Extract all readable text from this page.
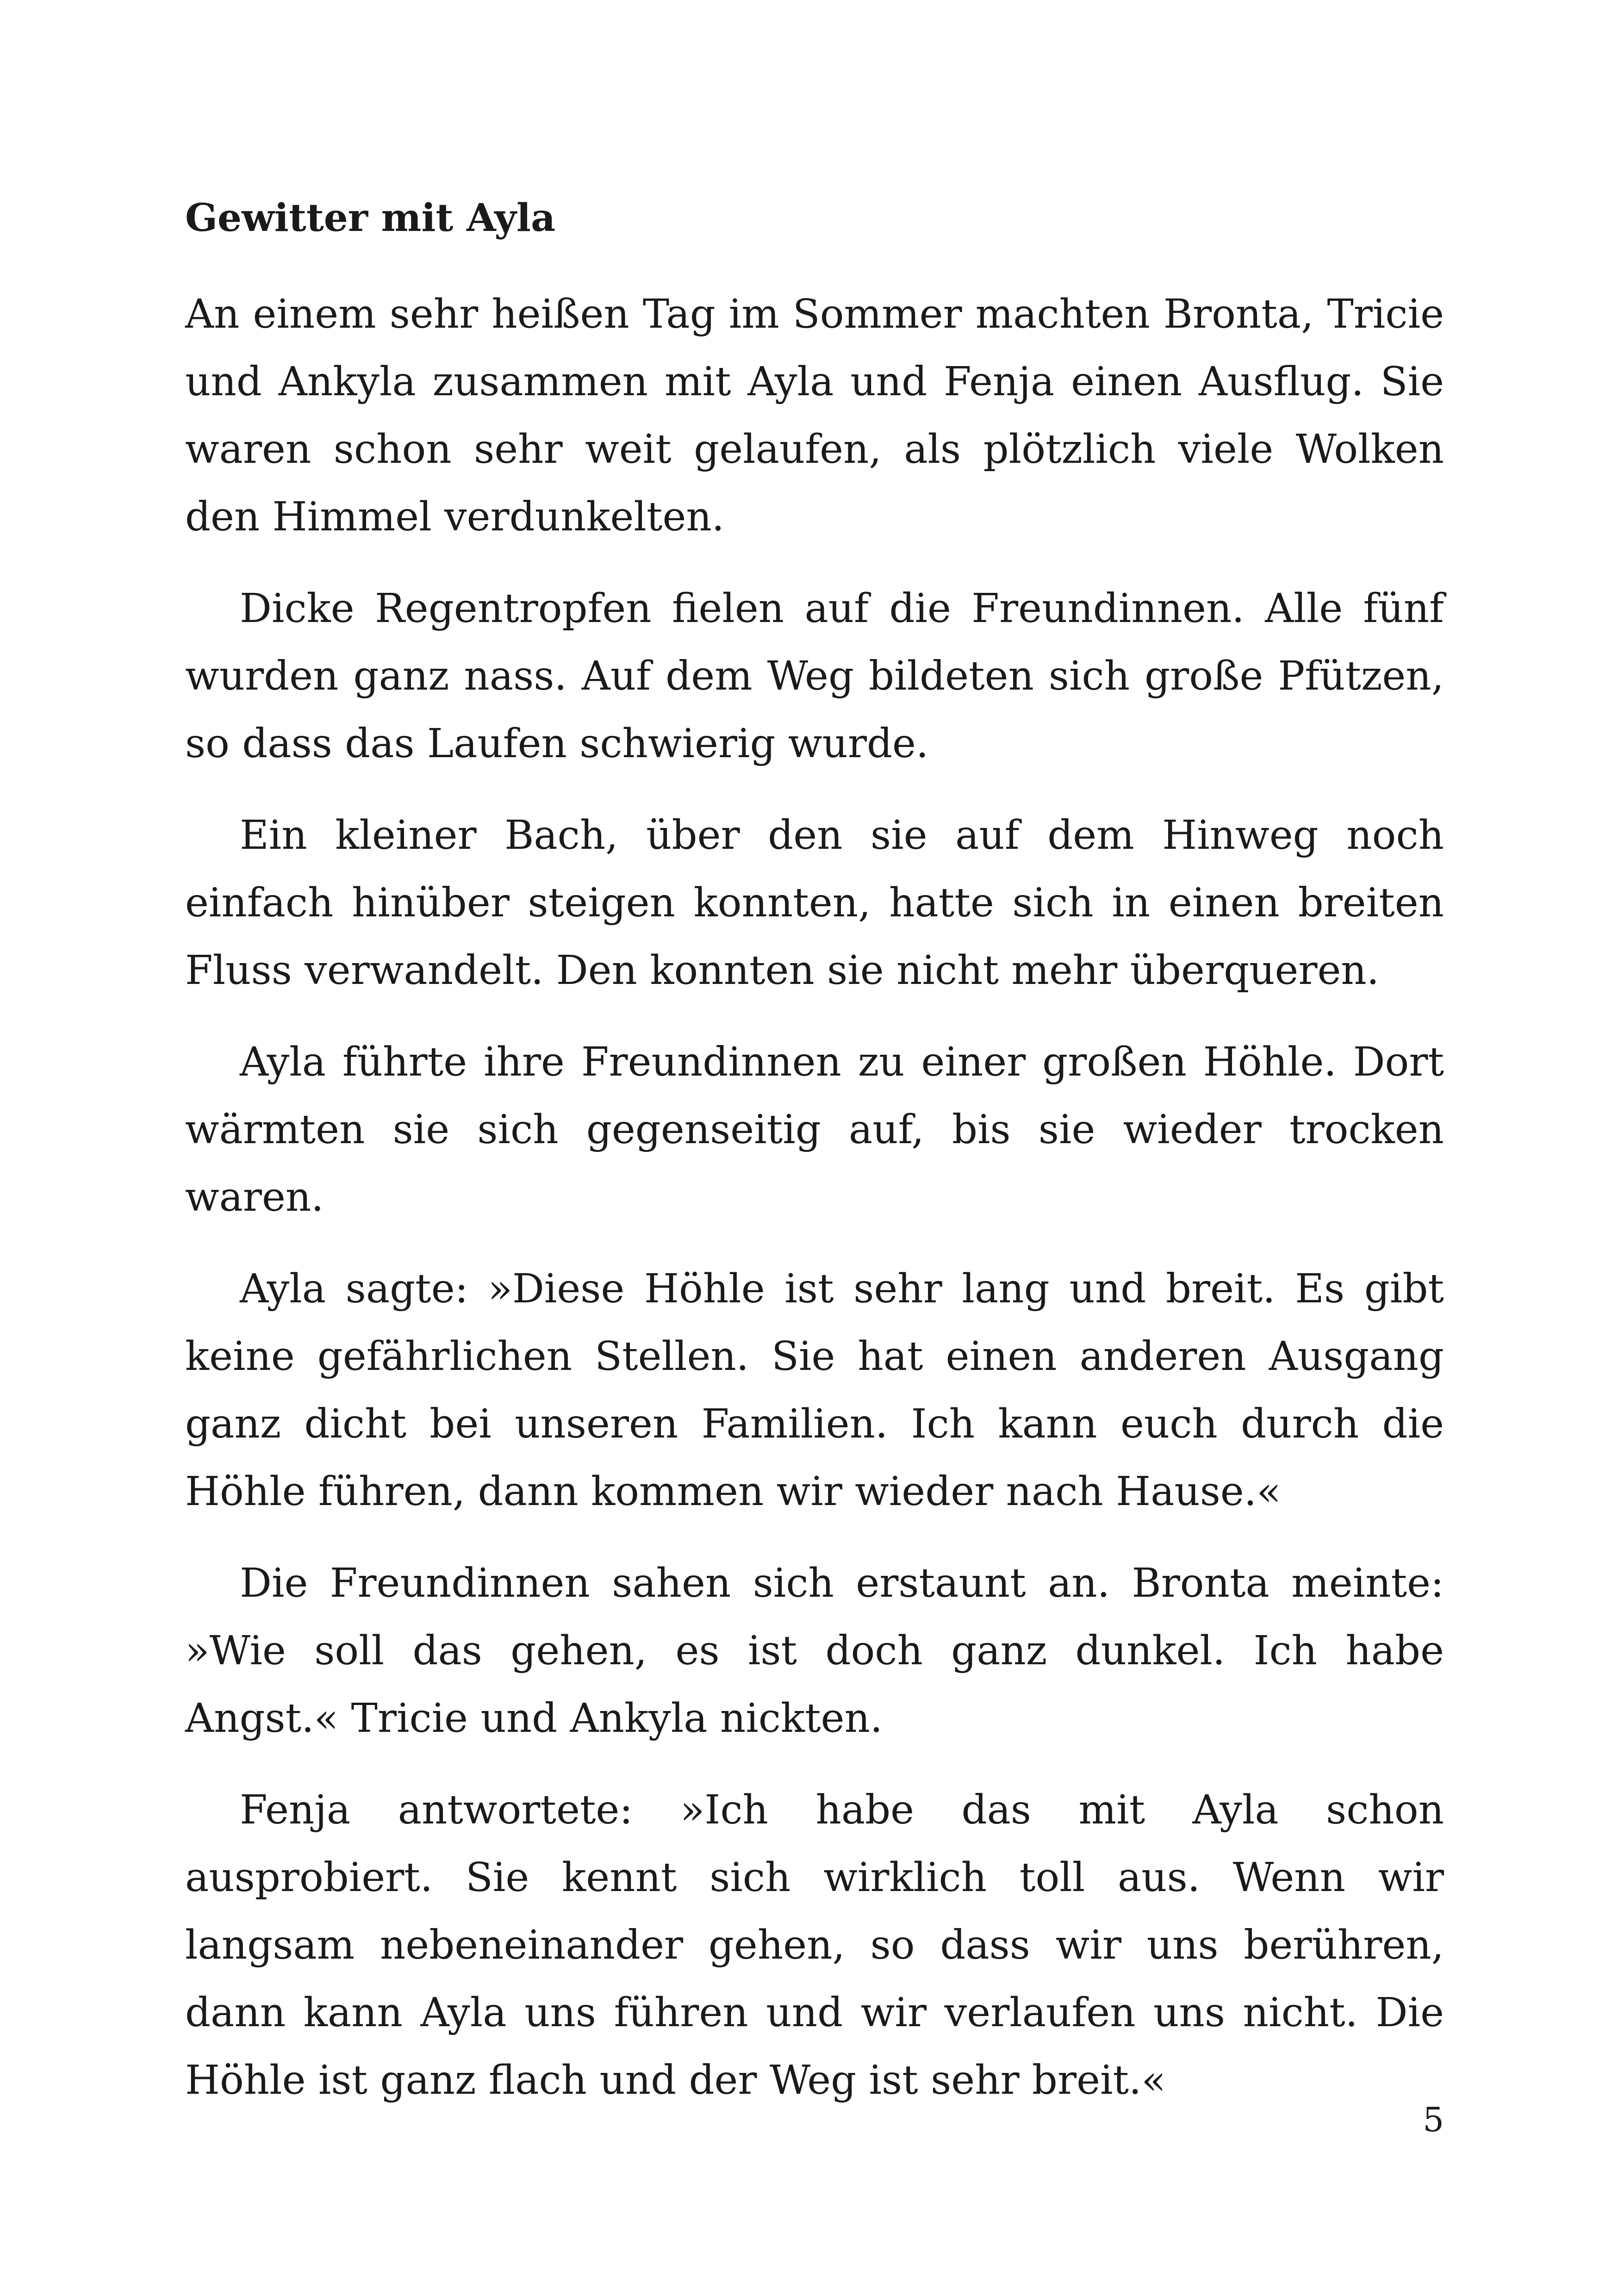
Gewitter mit Ayla

An einem sehr heißen Tag im Sommer machten Bronta, Tricie und Ankyla zusammen mit Ayla und Fenja einen Ausflug. Sie waren schon sehr weit gelaufen, als plötzlich viele Wolken den Himmel verdunkelten.

Dicke Regentropfen fielen auf die Freundinnen. Alle fünf wurden ganz nass. Auf dem Weg bildeten sich große Pfützen, so dass das Laufen schwierig wurde.

Ein kleiner Bach, über den sie auf dem Hinweg noch einfach hinüber steigen konnten, hatte sich in einen breiten Fluss verwandelt. Den konnten sie nicht mehr überqueren.

Ayla führte ihre Freundinnen zu einer großen Höhle. Dort wärmten sie sich gegenseitig auf, bis sie wieder trocken waren.

Ayla sagte: »Diese Höhle ist sehr lang und breit. Es gibt keine gefährlichen Stellen. Sie hat einen anderen Ausgang ganz dicht bei unseren Familien. Ich kann euch durch die Höhle führen, dann kommen wir wieder nach Hause.«

Die Freundinnen sahen sich erstaunt an. Bronta meinte: »Wie soll das gehen, es ist doch ganz dunkel. Ich habe Angst.« Tricie und Ankyla nickten.

Fenja antwortete: »Ich habe das mit Ayla schon ausprobiert. Sie kennt sich wirklich toll aus. Wenn wir langsam nebeneinander gehen, so dass wir uns berühren, dann kann Ayla uns führen und wir verlaufen uns nicht. Die Höhle ist ganz flach und der Weg ist sehr breit.«

5
